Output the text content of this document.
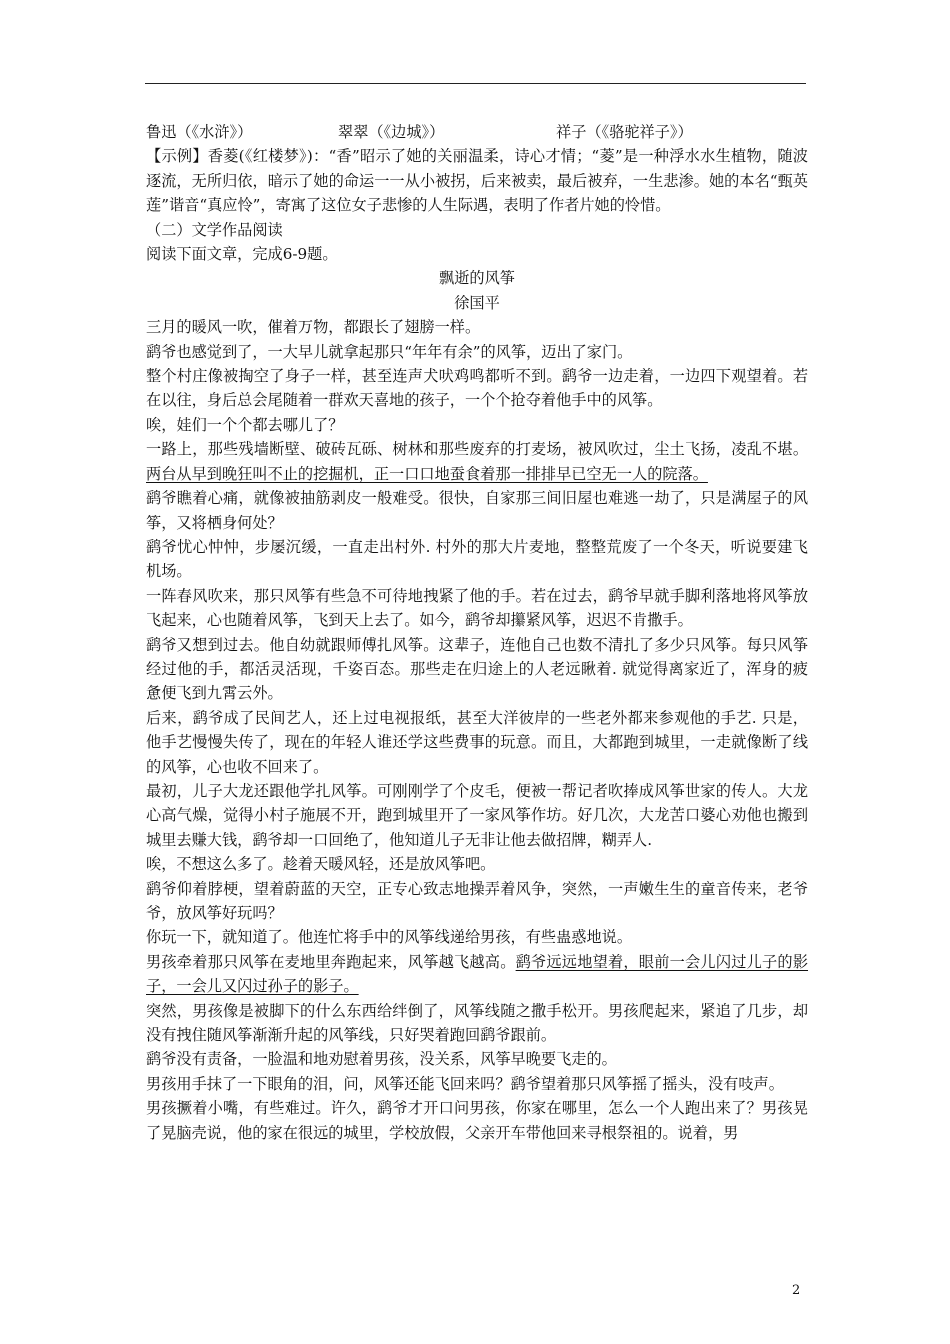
鲁迅（《水浒》）	翠翠（《边城》）	祥子（《骆驼祥子》）

【示例】香菱(《红楼梦》)：“香”昭示了她的关丽温柔，诗心才情；“菱”是一种浮水水生植物，随波逐流，无所归依，暗示了她的命运一一从小被拐，后来被卖，最后被弃，一生悲渗。她的本名“甄英莲”谐音“真应怜”，寄寓了这位女子悲惨的人生际遇，表明了作者片她的怜惜。

（二）文学作品阅读

阅读下面文章，完成6-9题。

飘逝的风筝

徐国平

三月的暖风一吹，催着万物，都跟长了翅膀一样。

鹞爷也感觉到了，一大早儿就拿起那只“年年有余”的风筝，迈出了家门。

整个村庄像被掏空了身子一样，甚至连声犬吠鸡鸣都听不到。鹞爷一边走着，一边四下观望着。若在以往，身后总会尾随着一群欢天喜地的孩子，一个个抢夺着他手中的风筝。

唉，娃们一个个都去哪儿了？

一路上，那些残墙断壁、破砖瓦砾、树林和那些废弃的打麦场，被风吹过，尘土飞扬，凌乱不堪。两台从早到晚狂叫不止的挖掘机，正一口口地蚕食着那一排排早已空无一人的院落。

鹞爷瞧着心痛，就像被抽筋剥皮一般难受。很快，自家那三间旧屋也难逃一劫了，只是满屋子的风筝，又将栖身何处？

鹞爷忧心忡忡，步屡沉缓，一直走出村外. 村外的那大片麦地，整整荒废了一个冬天，听说要建飞机场。

一阵春风吹来，那只风筝有些急不可待地拽紧了他的手。若在过去，鹞爷早就手脚利落地将风筝放飞起来，心也随着风筝，飞到天上去了。如今，鹞爷却攥紧风筝，迟迟不肯撒手。

鹞爷又想到过去。他自幼就跟师傅扎风筝。这辈子，连他自己也数不清扎了多少只风筝。每只风筝经过他的手，都活灵活现，千姿百态。那些走在归途上的人老远瞅着. 就觉得离家近了，浑身的疲惫便飞到九霄云外。

后来，鹞爷成了民间艺人，还上过电视报纸，甚至大洋彼岸的一些老外都来参观他的手艺. 只是，他手艺慢慢失传了，现在的年轻人谁还学这些费事的玩意。而且，大都跑到城里，一走就像断了线的风筝，心也收不回来了。

最初，儿子大龙还跟他学扎风筝。可刚刚学了个皮毛，便被一帮记者吹捧成风筝世家的传人。大龙心高气燥，觉得小村子施展不开，跑到城里开了一家风筝作坊。好几次，大龙苦口婆心劝他也搬到城里去赚大钱，鹞爷却一口回绝了，他知道儿子无非让他去做招牌，糊弄人.

唉，不想这么多了。趁着天暖风轻，还是放风筝吧。

鹞爷仰着脖梗，望着蔚蓝的天空，正专心致志地操弄着风争，突然，一声嫩生生的童音传来，老爷爷，放风筝好玩吗？

你玩一下，就知道了。他连忙将手中的风筝线递给男孩，有些蛊惑地说。

男孩牵着那只风筝在麦地里奔跑起来，风筝越飞越高。鹞爷远远地望着，眼前一会儿闪过儿子的影子，一会儿又闪过孙子的影子。

突然，男孩像是被脚下的什么东西给绊倒了，风筝线随之撒手松开。男孩爬起来，紧追了几步，却没有拽住随风筝渐渐升起的风筝线，只好哭着跑回鹞爷跟前。

鹞爷没有责备，一脸温和地劝慰着男孩，没关系，风筝早晚要飞走的。

男孩用手抹了一下眼角的泪，问，风筝还能飞回来吗？鹞爷望着那只风筝摇了摇头，没有吱声。

男孩撅着小嘴，有些难过。许久，鹞爷才开口问男孩，你家在哪里，怎么一个人跑出来了？男孩晃了晃脑壳说，他的家在很远的城里，学校放假，父亲开车带他回来寻根祭祖的。说着，男

2
